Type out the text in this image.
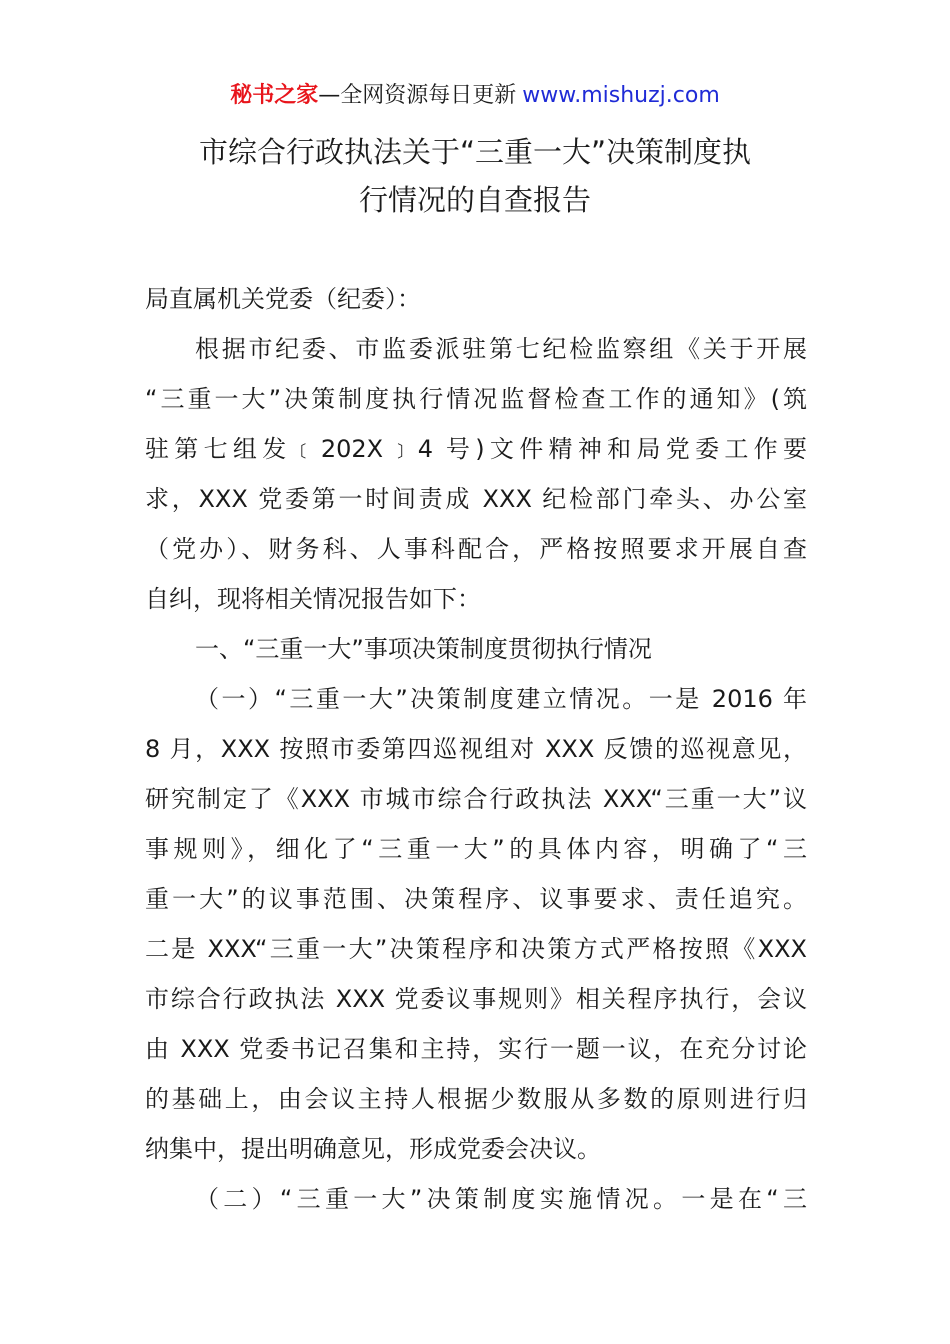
秘书之家—全网资源每日更新 www.mishuzj.com
市综合行政执法关于“三重一大”决策制度执
行情况的自查报告
局直属机关党委（纪委）：
根据市纪委、市监委派驻第七纪检监察组《关于开展
“三重一大”决策制度执行情况监督检查工作的通知》(筑
驻第七组发﹝202X﹞4 号)文件精神和局党委工作要
求，XXX 党委第一时间责成 XXX 纪检部门牵头、办公室
（党办）、财务科、人事科配合，严格按照要求开展自查
自纠，现将相关情况报告如下：
一、“三重一大”事项决策制度贯彻执行情况
（一）“三重一大”决策制度建立情况。一是 2016 年
8 月，XXX 按照市委第四巡视组对 XXX 反馈的巡视意见，
研究制定了《XXX 市城市综合行政执法 XXX“三重一大”议
事规则》，细化了“三重一大”的具体内容，明确了“三
重一大”的议事范围、决策程序、议事要求、责任追究。
二是 XXX“三重一大”决策程序和决策方式严格按照《XXX
市综合行政执法 XXX 党委议事规则》相关程序执行，会议
由 XXX 党委书记召集和主持，实行一题一议，在充分讨论
的基础上，由会议主持人根据少数服从多数的原则进行归
纳集中，提出明确意见，形成党委会决议。
（二）“三重一大”决策制度实施情况。一是在“三
